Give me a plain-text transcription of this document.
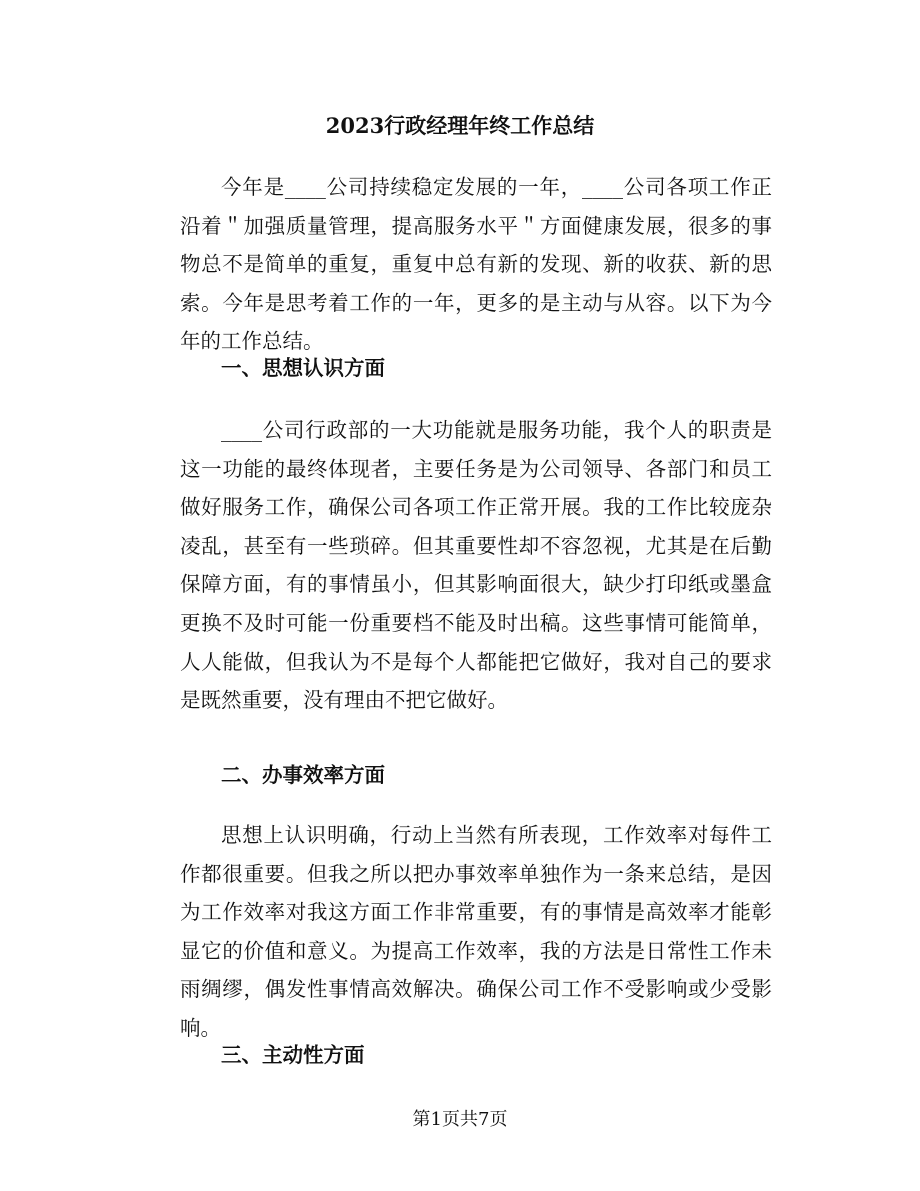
2023行政经理年终工作总结

今年是____公司持续稳定发展的一年，____公司各项工作正沿着＂加强质量管理，提高服务水平＂方面健康发展，很多的事物总不是简单的重复，重复中总有新的发现、新的收获、新的思索。今年是思考着工作的一年，更多的是主动与从容。以下为今年的工作总结。

一、思想认识方面

____公司行政部的一大功能就是服务功能，我个人的职责是这一功能的最终体现者，主要任务是为公司领导、各部门和员工做好服务工作，确保公司各项工作正常开展。我的工作比较庞杂凌乱，甚至有一些琐碎。但其重要性却不容忽视，尤其是在后勤保障方面，有的事情虽小，但其影响面很大，缺少打印纸或墨盒更换不及时可能一份重要档不能及时出稿。这些事情可能简单，人人能做，但我认为不是每个人都能把它做好，我对自己的要求是既然重要，没有理由不把它做好。

二、办事效率方面

思想上认识明确，行动上当然有所表现，工作效率对每件工作都很重要。但我之所以把办事效率单独作为一条来总结，是因为工作效率对我这方面工作非常重要，有的事情是高效率才能彰显它的价值和意义。为提高工作效率，我的方法是日常性工作未雨绸缪，偶发性事情高效解决。确保公司工作不受影响或少受影响。

三、主动性方面
第1页共7页
